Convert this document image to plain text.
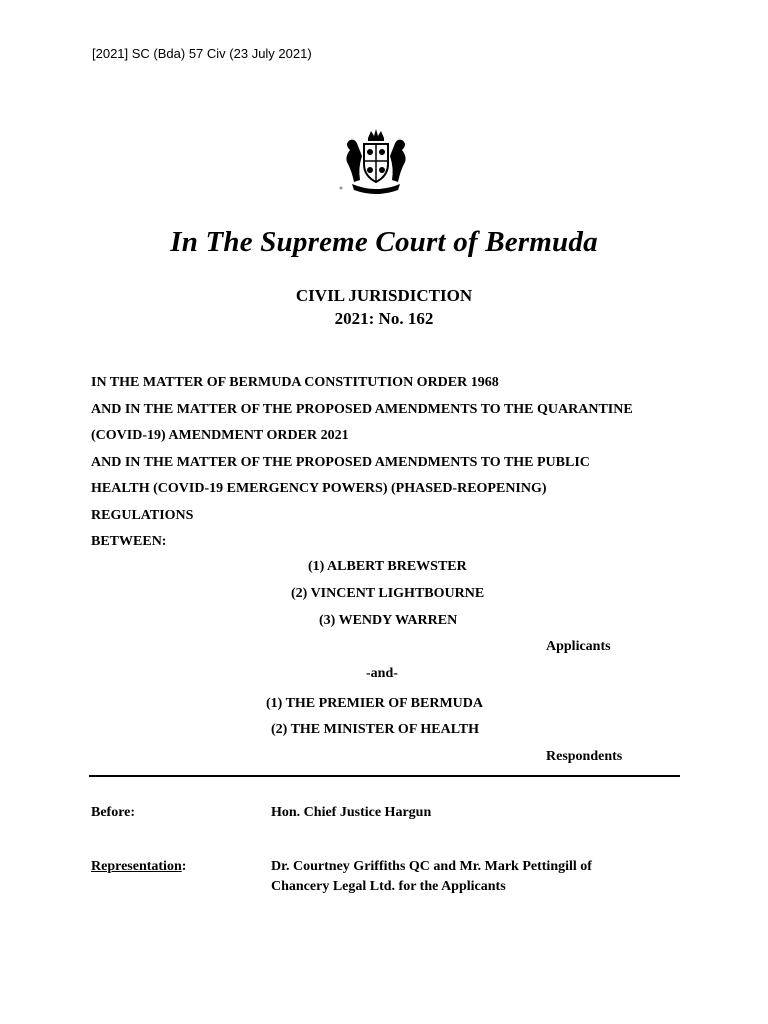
[2021] SC (Bda) 57 Civ (23 July 2021)
In The Supreme Court of Bermuda
CIVIL JURISDICTION
2021: No. 162
IN THE MATTER OF BERMUDA CONSTITUTION ORDER 1968
AND IN THE MATTER OF THE PROPOSED AMENDMENTS TO THE QUARANTINE
(COVID-19) AMENDMENT ORDER 2021
AND IN THE MATTER OF THE PROPOSED AMENDMENTS TO THE PUBLIC
HEALTH (COVID-19 EMERGENCY POWERS) (PHASED-REOPENING)
REGULATIONS
BETWEEN:
(1) ALBERT BREWSTER
(2) VINCENT LIGHTBOURNE
(3) WENDY WARREN
Applicants
-and-
(1) THE PREMIER OF BERMUDA
(2) THE MINISTER OF HEALTH
Respondents
Before:	Hon. Chief Justice Hargun
Representation:	Dr. Courtney Griffiths QC and Mr. Mark Pettingill of
Chancery Legal Ltd. for the Applicants
